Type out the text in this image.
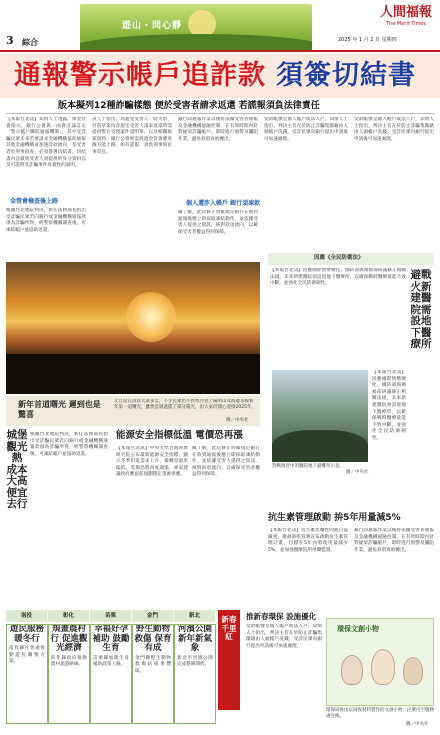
3 綜合
遊山・問心靜
人間福報
The Merit Times
2025 年 1 月 2 日 星期四
通報警示帳戶追詐款 須簽切結書
版本擬列12種詐騙樣態 便於受害者請求返還 若謊報須負法律責任
【本報台北訊】知情人士透露，保金管會指示，銀行公會與一兩會討論訂定「警示帳戶聯防通報機制」，其中受詐騙民眾未來若要請求金融機構協助通報其他金融機構並加速詐款流向，是受害者於刑事偵查、必須簽署切結書，切結書內容載明受害人須提供的身分資料以及可證明受詐騙事件真實性的說明。
金管會檢查後上路
根據台北地院判決，新任法務部長指出受詐騙民眾若向銀行或金融機構通報款項為詐騙所得，經警察機關調查後，可凍結帳戶並協助返還。
該人士指出，為避免受害人一時失察，目前草案內容規定受害人請求返還時需提供警方受理案件證明單、以及相關報案資料，銀行公會則需經過金管會審查後方能上路。如有謊報，須負刑事與民事責任。
銀行間通報作業以後將依據受害者通報及金融機構風險控制，在有效時間內針對疑似詐騙帳戶，即時進行預警及攔阻作業，避免款項再被轉出。
個人遭詐入帳戶 銀行須凍款
據了解，此次修正明確規定銀行在收到通報後應立即採取凍結動作，並依據受害人提供之資訊，核對款項流向，以確保受害者權益得到保障。
受款帳號是個人帳戶或法人戶，知情人士指出，判決主旨在於防止詐騙集團藉由人頭帳戶洗錢，受詐民眾向銀行提出申請後可加速處理。
受款帳號是個人帳戶或法人戶，知情人士指出，判決主旨在於防止詐騙集團藉由人頭帳戶洗錢，受詐民眾向銀行提出申請後可加速處理。
新年首道曙光 遲到也是驚喜
元旦當日清晨天氣多雲，不少民眾仍不畏寒冷登上陽明山及海邊等候新年第一道曙光，雖然雲層遮擋了部分陽光，但大家仍開心迎接2025年。
圖／中央社
因應《全民防衛法》
【本報台北訊】因應國際情勢變化，國防部與衛福部研議修正相關法規，未來新建醫院須設置地下醫療所，以確保戰時醫療量能不致中斷，並強化全民防衛韌性。
避戰火新建醫院需設地下醫療所
對戰演習中的醫院地下避難所示意。
圖／中央社
【本報台北訊】因應國際情勢變化，國防部與衛福部研議修正相關法規，未來新建醫院須設置地下醫療所，以確保戰時醫療量能不致中斷，並強化全民防衛韌性。
城堡觀光熱 成本大高便宜去行
根據台北地院判決，新任法務部長指出受詐騙民眾若向銀行或金融機構通報款項為詐騙所得，經警察機關調查後，可凍結帳戶並協助返還。
能源安全指標低溫 電價恐再漲
【本報台北訊】中央大學台灣經濟研究院公布最新能源安全指標，顯示冬季用電需求上升，備轉容量率偏低，電價恐將再度調漲，專家建議政府應提前規劃穩定電源供應。
據了解，此次修正明確規定銀行在收到通報後應立即採取凍結動作，並依據受害人提供之資訊，核對款項流向，以確保受害者權益得到保障。
抗生素管理啟動 拚5年用量減5%
【本報台北訊】抗生素抗藥性問題日益嚴重，衛福部疾管署宣布啟動抗生素管理計畫，目標在5年內將使用量減少5%，並加強醫療院所用藥監測。
銀行間通報作業以後將依據受害者通報及金融機構風險控制，在有效時間內針對疑似詐騙帳戶，即時進行預警及攔阻作業，避免款項再被轉出。
南投	彰化	苗栗	金門	新北
遊民服務暖冬行
南投縣社會處推動遊民關懷方案。
規畫農村行 促進觀光經濟
彰化縣政府推動農村旅遊路線。
幸福好孕補助 鼓勵生育
苗栗縣加碼生育補助政策上路。
野生動物救傷 保育有成
金門縣野生動物救傷站成果豐碩。
河濱公園 新年新氣象
新北市河濱公園完成整修開放。
新春千里紅
推新春環保 設施優化
受款帳號是個人帳戶或法人戶，知情人士指出，判決主旨在於防止詐騙集團藉由人頭帳戶洗錢，受詐民眾向銀行提出申請後可加速處理。
環保文創小物
環保局推出以回收材料製作的文創小物，民眾可至服務處兌換。
圖／中央社
